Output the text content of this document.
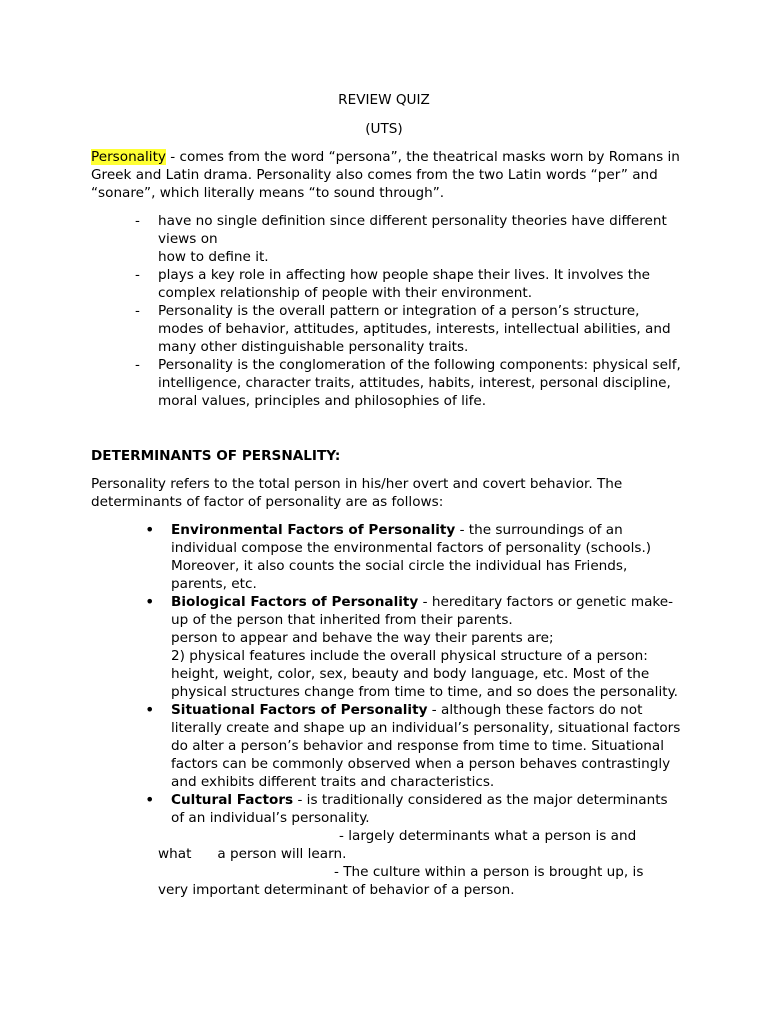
REVIEW QUIZ

(UTS)

Personality - comes from the word “persona”, the theatrical masks worn by Romans in Greek and Latin drama. Personality also comes from the two Latin words “per” and “sonare”, which literally means “to sound through”.

- have no single definition since different personality theories have different views on
how to define it.
- plays a key role in affecting how people shape their lives. It involves the complex relationship of people with their environment.
- Personality is the overall pattern or integration of a person’s structure, modes of behavior, attitudes, aptitudes, interests, intellectual abilities, and many other distinguishable personality traits.
- Personality is the conglomeration of the following components: physical self, intelligence, character traits, attitudes, habits, interest, personal discipline, moral values, principles and philosophies of life.

DETERMINANTS OF PERSNALITY:

Personality refers to the total person in his/her overt and covert behavior. The determinants of factor of personality are as follows:

• Environmental Factors of Personality - the surroundings of an individual compose the environmental factors of personality (schools.) Moreover, it also counts the social circle the individual has Friends, parents, etc.
• Biological Factors of Personality - hereditary factors or genetic make-up of the person that inherited from their parents.
person to appear and behave the way their parents are;
2) physical features include the overall physical structure of a person: height, weight, color, sex, beauty and body language, etc. Most of the physical structures change from time to time, and so does the personality.
• Situational Factors of Personality - although these factors do not literally create and shape up an individual’s personality, situational factors do alter a person’s behavior and response from time to time. Situational factors can be commonly observed when a person behaves contrastingly and exhibits different traits and characteristics.
• Cultural Factors - is traditionally considered as the major determinants of an individual’s personality.
- largely determinants what a person is and
what      a person will learn.
- The culture within a person is brought up, is
very important determinant of behavior of a person.
